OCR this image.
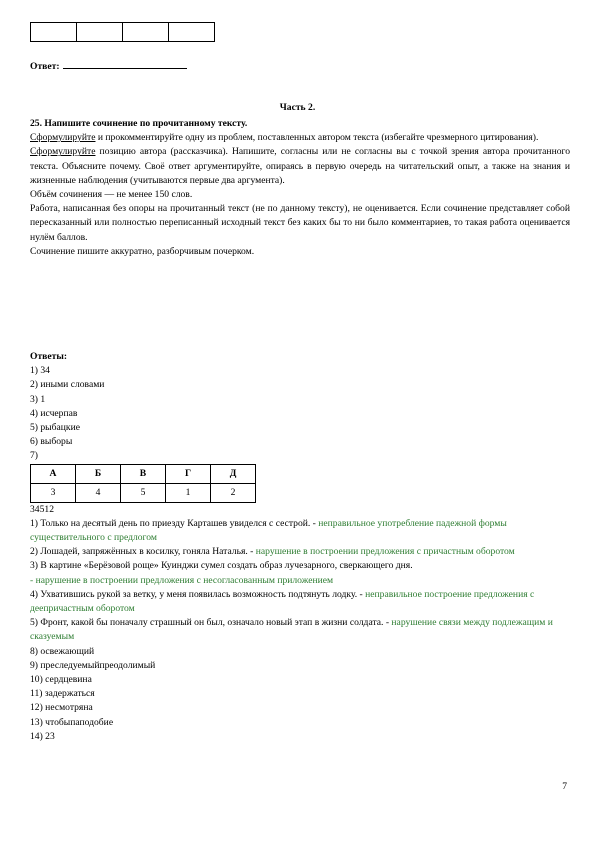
Ответ:
Часть 2.

25. Напишите сочинение по прочитанному тексту.

Сформулируйте и прокомментируйте одну из проблем, поставленных автором текста (избегайте чрезмерного цитирования).

Сформулируйте позицию автора (рассказчика). Напишите, согласны или не согласны вы с точкой зрения автора прочитанного текста. Объясните почему. Своё ответ аргументируйте, опираясь в первую очередь на читательский опыт, а также на знания и жизненные наблюдения (учитываются первые два аргумента).

Объём сочинения — не менее 150 слов.

Работа, написанная без опоры на прочитанный текст (не по данному тексту), не оценивается. Если сочинение представляет собой пересказанный или полностью переписанный исходный текст без каких бы то ни было комментариев, то такая работа оценивается нулём баллов.

Сочинение пишите аккуратно, разборчивым почерком.

Ответы:

1) 34
2) иными словами
3) 1
4) исчерпав
5) рыбацкие
6) выборы
7)
А	Б	В	Г	Д
3	4	5	1	2
34512
1) Только на десятый день по приезду Карташев увиделся с сестрой. - неправильное употребление падежной формы существительного с предлогом
2) Лошадей, запряжённых в косилку, гоняла Наталья. - нарушение в построении предложения с причастным оборотом
3) В картине «Берёзовой роще» Куинджи сумел создать образ лучезарного, сверкающего дня.
- нарушение в построении предложения с несогласованным приложением
4) Ухватившись рукой за ветку, у меня появилась возможность подтянуть лодку. - неправильное построение предложения с деепричастным оборотом
5) Фронт, какой бы поначалу страшный он был, означало новый этап в жизни солдата. - нарушение связи между подлежащим и сказуемым
8) освежающий
9) преследуемыйпреодолимый
10) сердцевина
11) задержаться
12) несмотряна
13) чтобыпаподобие
14) 23
7
